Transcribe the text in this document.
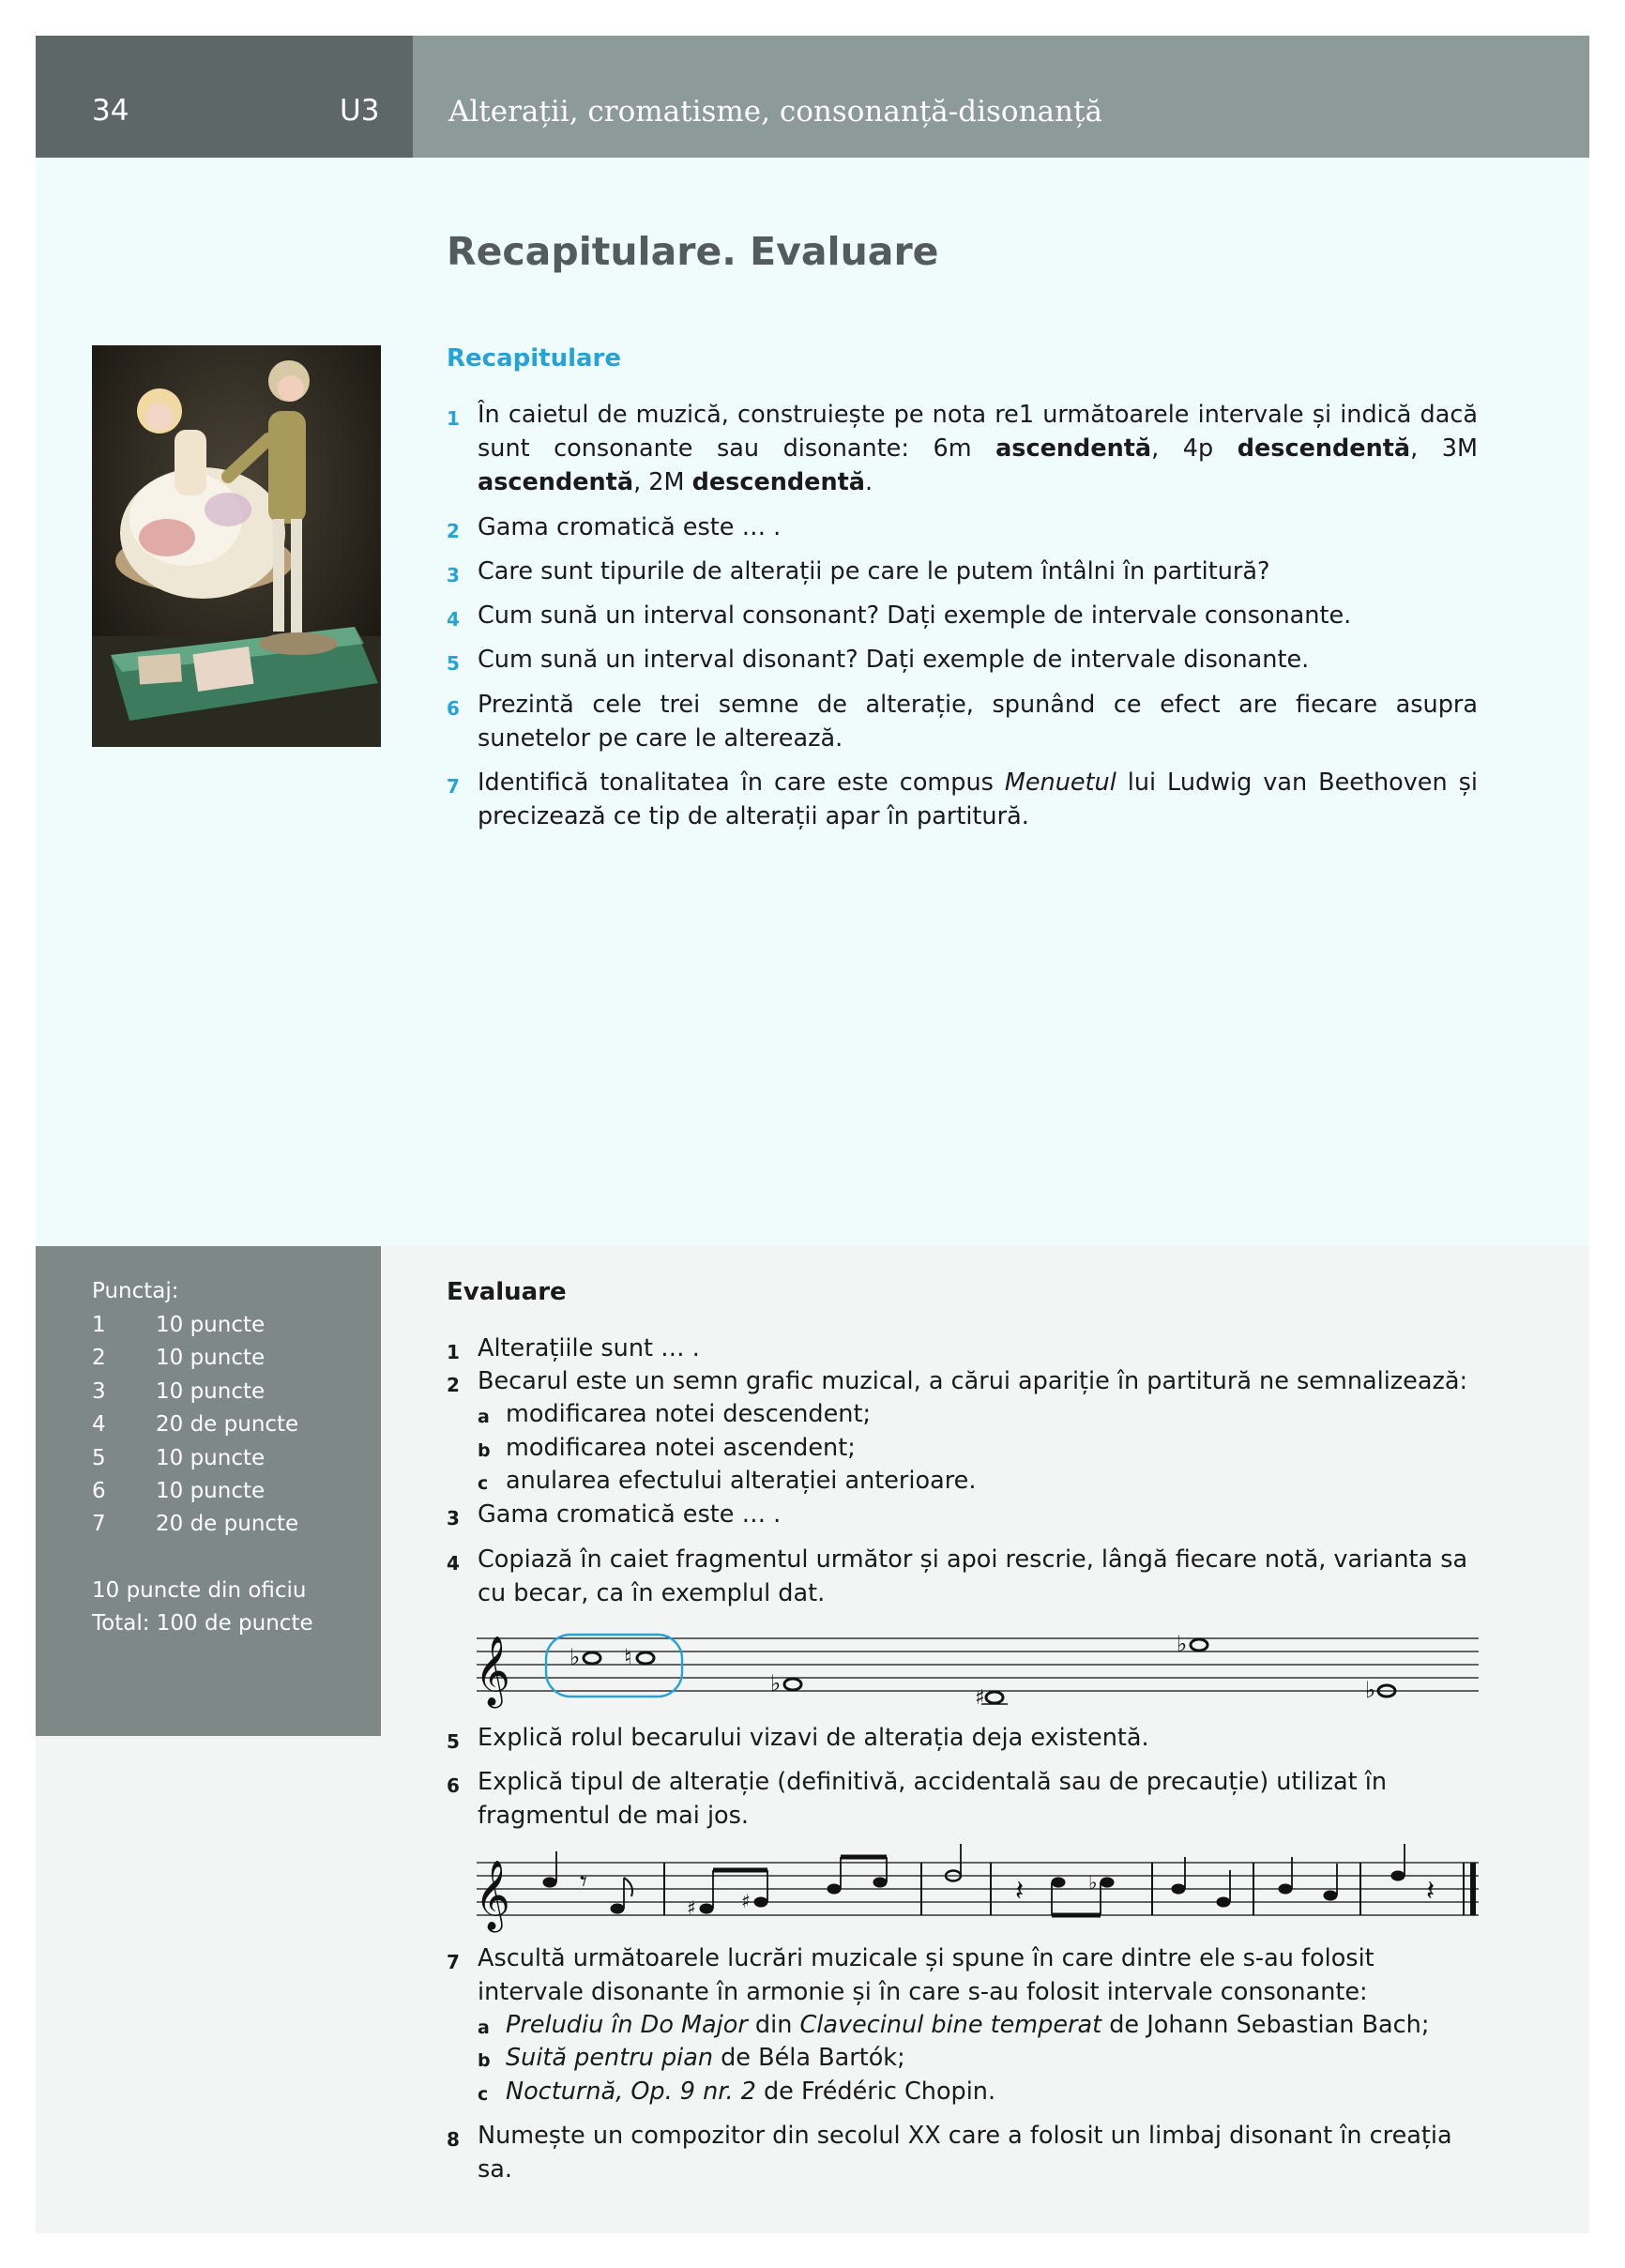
34	U3 Alterații, cromatisme, consonanță-disonanță
Recapitulare. Evaluare
Recapitulare
1 În caietul de muzică, construiește pe nota re1 următoarele intervale și indică dacă sunt consonante sau disonante: 6m ascendentă, 4p descendentă, 3M ascendentă, 2M descendentă.
2 Gama cromatică este … .
3 Care sunt tipurile de alterații pe care le putem întâlni în partitură?
4 Cum sună un interval consonant? Dați exemple de intervale consonante.
5 Cum sună un interval disonant? Dați exemple de intervale disonante.
6 Prezintă cele trei semne de alterație, spunând ce efect are fiecare asupra sunetelor pe care le alterează.
7 Identifică tonalitatea în care este compus Menuetul lui Ludwig van Beethoven și precizează ce tip de alterații apar în partitură.
Punctaj:
1 10 puncte
2 10 puncte
3 10 puncte
4 20 de puncte
5 10 puncte
6 10 puncte
7 20 de puncte
10 puncte din oficiu
Total: 100 de puncte
Evaluare
1 Alterațiile sunt … .
2 Becarul este un semn grafic muzical, a cărui apariție în partitură ne semnalizează:
a modificarea notei descendent;
b modificarea notei ascendent;
c anularea efectului alterației anterioare.
3 Gama cromatică este … .
4 Copiază în caiet fragmentul următor și apoi rescrie, lângă fiecare notă, varianta sa cu becar, ca în exemplul dat.
𝄞	♭ ♮
♭
♯
♭
♭
5 Explică rolul becarului vizavi de alterația deja existentă.
6 Explică tipul de alterație (definitivă, accidentală sau de precauție) utilizat în fragmentul de mai jos.
𝄞 𝄾
♯ ♯	𝄽	♭	𝄽
7 Ascultă următoarele lucrări muzicale și spune în care dintre ele s-au folosit intervale disonante în armonie și în care s-au folosit intervale consonante:
a Preludiu în Do Major din Clavecinul bine temperat de Johann Sebastian Bach;
b Suită pentru pian de Béla Bartók;
c Nocturnă, Op. 9 nr. 2 de Frédéric Chopin.
8 Numește un compozitor din secolul XX care a folosit un limbaj disonant în creația sa.
